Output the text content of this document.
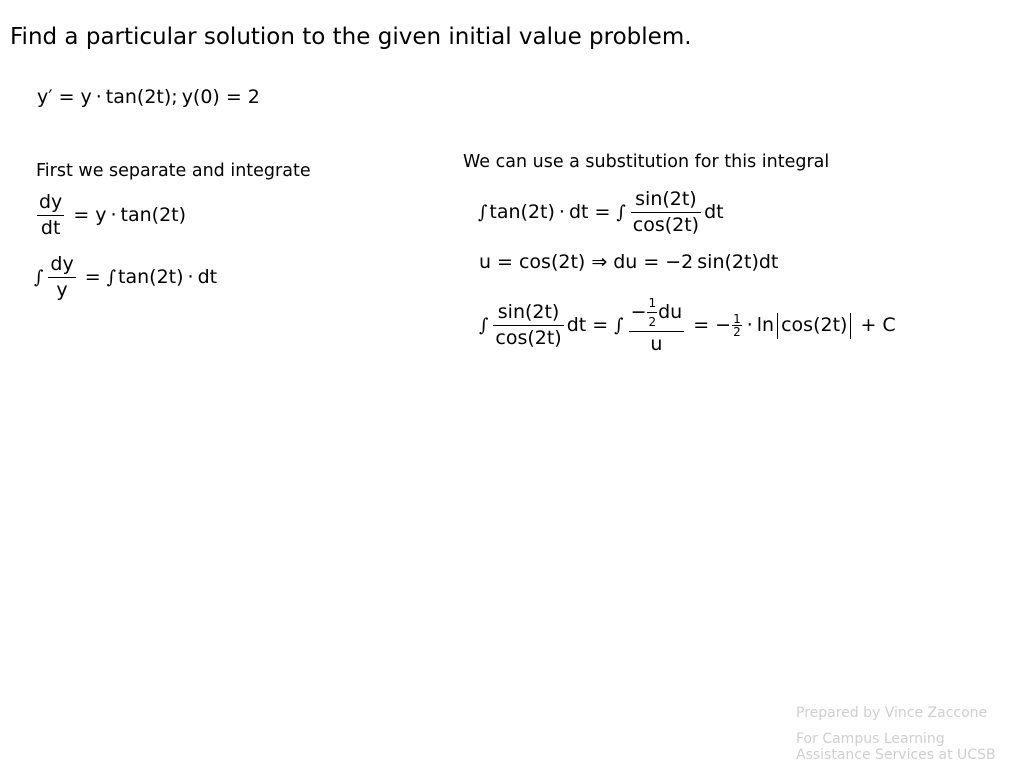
Find a particular solution to the given initial value problem.
y′ = y · tan(2t); y(0) = 2
First we separate and integrate
$\frac{dy}{dt} = y \cdot \tan(2t)$
∫ $\frac{dy}{y}$ = ∫ tan(2t) · dt
We can use a substitution for this integral
∫ tan(2t) · dt = ∫ $\frac{\sin(2t)}{\cos(2t)}$ dt
u = cos(2t) ⇒ du = −2 sin(2t)dt
∫ $\frac{\sin(2t)}{\cos(2t)}$ dt = ∫ $\frac{- \frac{1}{2} du}{u}$ = − $\frac{1}{2} \cdot \ln \cos(2t) + C$
Prepared by Vince Zaccone
For Campus Learning
Assistance Services at UCSB
